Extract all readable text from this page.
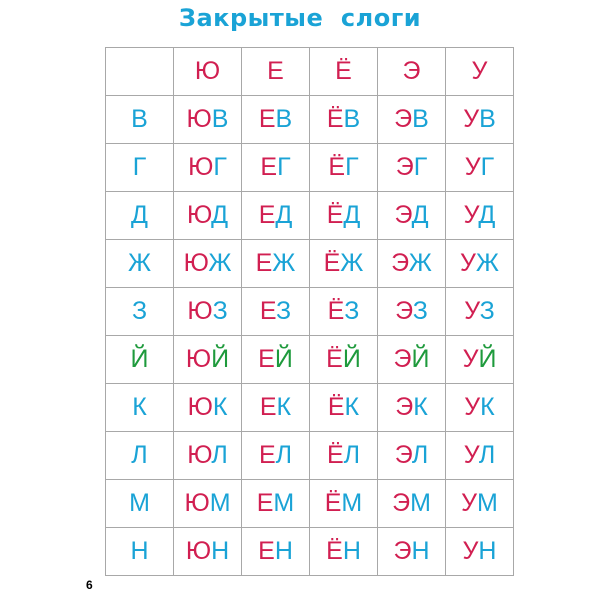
Закрытые  слоги
	Ю	Е	Ё	Э	У
В	ЮВ	ЕВ	ЁВ	ЭВ	УВ
Г	ЮГ	ЕГ	ЁГ	ЭГ	УГ
Д	ЮД	ЕД	ЁД	ЭД	УД
Ж	ЮЖ	ЕЖ	ЁЖ	ЭЖ	УЖ
З	ЮЗ	ЕЗ	ЁЗ	ЭЗ	УЗ
Й	ЮЙ	ЕЙ	ЁЙ	ЭЙ	УЙ
К	ЮК	ЕК	ЁК	ЭК	УК
Л	ЮЛ	ЕЛ	ЁЛ	ЭЛ	УЛ
М	ЮМ	ЕМ	ЁМ	ЭМ	УМ
Н	ЮН	ЕН	ЁН	ЭН	УН
6
